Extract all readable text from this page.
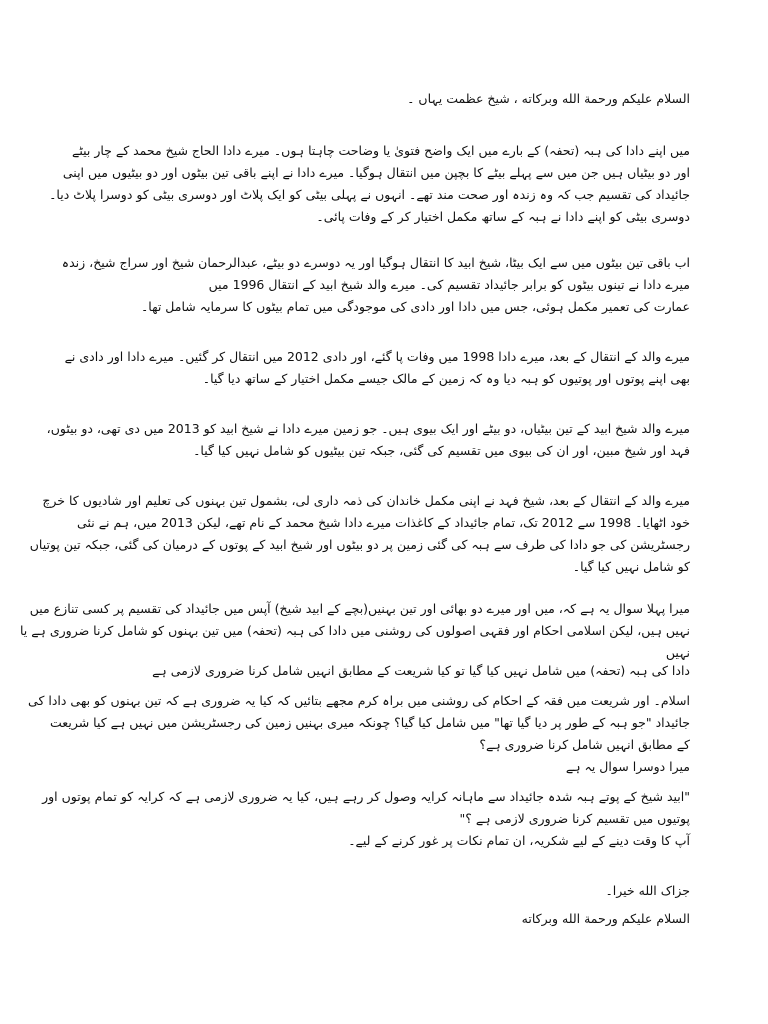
السلام علیکم ورحمة الله وبرکاته ، شیخ عظمت یہاں ۔
میں اپنے دادا کی ہبہ (تحفہ) کے بارے میں ایک واضح فتویٰ یا وضاحت چاہتا ہوں۔ میرے دادا الحاج شیخ محمد کے چار بیٹے
اور دو بیٹیاں ہیں جن میں سے پہلے بیٹے کا بچپن میں انتقال ہوگیا۔ میرے دادا نے اپنے باقی تین بیٹوں اور دو بیٹیوں میں اپنی
جائیداد کی تقسیم جب کہ وہ زندہ اور صحت مند تھے۔ انہوں نے پہلی بیٹی کو ایک پلاٹ اور دوسری بیٹی کو دوسرا پلاٹ دیا۔
دوسری بیٹی کو اپنے دادا نے ہبہ کے ساتھ مکمل اختیار کر کے وفات پائی۔
اب باقی تین بیٹوں میں سے ایک بیٹا، شیخ ابید کا انتقال ہوگیا اور یہ دوسرے دو بیٹے، عبدالرحمان شیخ اور سراج شیخ، زندہ
میرے دادا نے تینوں بیٹوں کو برابر جائیداد تقسیم کی۔ میرے والد شیخ ابید کے انتقال 1996 میں
عمارت کی تعمیر مکمل ہوئی، جس میں دادا اور دادی کی موجودگی میں تمام بیٹوں کا سرمایہ شامل تھا۔
میرے والد کے انتقال کے بعد، میرے دادا 1998 میں وفات پا گئے، اور دادی 2012 میں انتقال کر گئیں۔ میرے دادا اور دادی نے
بھی اپنے پوتوں اور پوتیوں کو ہبہ دیا وہ کہ زمین کے مالک جیسے مکمل اختیار کے ساتھ دیا گیا۔
میرے والد شیخ ابید کے تین بیٹیاں، دو بیٹے اور ایک بیوی ہیں۔ جو زمین میرے دادا نے شیخ ابید کو 2013 میں دی تھی، دو بیٹوں،
فہد اور شیخ مبین، اور ان کی بیوی میں تقسیم کی گئی، جبکہ تین بیٹیوں کو شامل نہیں کیا گیا۔
میرے والد کے انتقال کے بعد، شیخ فہد نے اپنی مکمل خاندان کی ذمہ داری لی، بشمول تین بہنوں کی تعلیم اور شادیوں کا خرچ
خود اٹھایا۔ 1998 سے 2012 تک، تمام جائیداد کے کاغذات میرے دادا شیخ محمد کے نام تھے، لیکن 2013 میں، ہم نے نئی
رجسٹریشن کی جو دادا کی طرف سے ہبہ کی گئی زمین پر دو بیٹوں اور شیخ ابید کے پوتوں کے درمیان کی گئی، جبکہ تین پوتیاں
کو شامل نہیں کیا گیا۔
میرا پہلا سوال یہ ہے کہ، میں اور میرے دو بھائی اور تین بہنیں(بچے کے ابید شیخ) آپس میں جائیداد کی تقسیم پر کسی تنازع میں
نہیں ہیں، لیکن اسلامی احکام اور فقہی اصولوں کی روشنی میں دادا کی ہبہ (تحفہ) میں تین بہنوں کو شامل کرنا ضروری ہے یا
نہیں
دادا کی ہبہ (تحفہ) میں شامل نہیں کیا گیا تو کیا شریعت کے مطابق انہیں شامل کرنا ضروری لازمی ہے
اسلام۔ اور شریعت میں فقہ کے احکام کی روشنی میں براہ کرم مجھے بتائیں کہ کیا یہ ضروری ہے کہ تین بہنوں کو بھی دادا کی
جائیداد "جو ہبہ کے طور پر دیا گیا تھا" میں شامل کیا گیا؟ چونکہ میری بہنیں زمین کی رجسٹریشن میں نہیں ہے کیا شریعت
کے مطابق انہیں شامل کرنا ضروری ہے؟
میرا دوسرا سوال یہ ہے
"ابید شیخ کے پوتے ہبہ شدہ جائیداد سے ماہانہ کرایہ وصول کر رہے ہیں، کیا یہ ضروری لازمی ہے کہ کرایہ کو تمام پوتوں اور
پوتیوں میں تقسیم کرنا ضروری لازمی ہے ؟"
آپ کا وقت دینے کے لیے شکریہ، ان تمام نکات پر غور کرنے کے لیے۔
جزاک الله خیرا۔
السلام علیکم ورحمة الله وبرکاته
